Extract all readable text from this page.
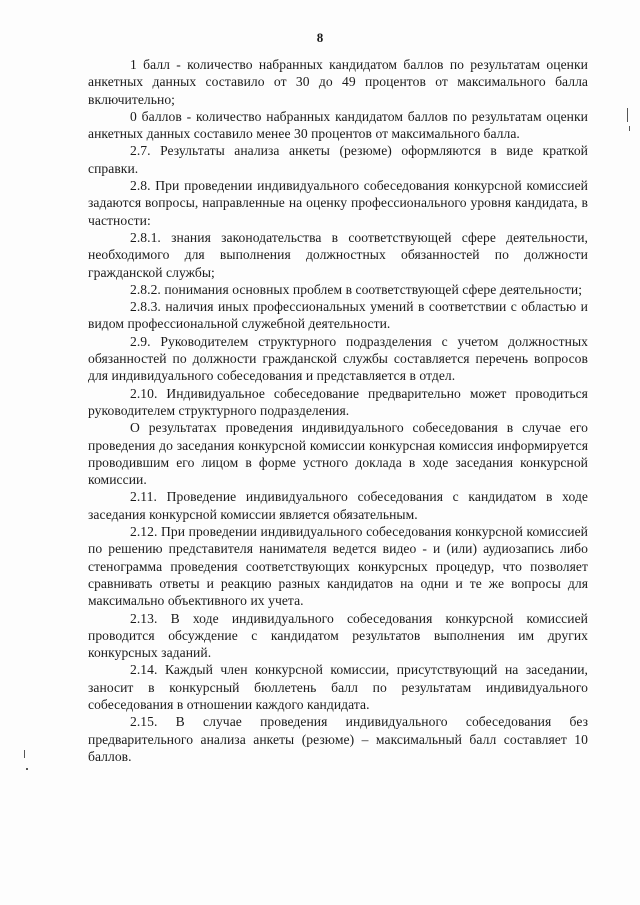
8

1 балл - количество набранных кандидатом баллов по результатам оценки анкетных данных составило от 30 до 49 процентов от максимального балла включительно;

0 баллов - количество набранных кандидатом баллов по результатам оценки анкетных данных составило менее 30 процентов от максимального балла.

2.7. Результаты анализа анкеты (резюме) оформляются в виде краткой справки.

2.8. При проведении индивидуального собеседования конкурсной комиссией задаются вопросы, направленные на оценку профессионального уровня кандидата, в частности:

2.8.1. знания законодательства в соответствующей сфере деятельности, необходимого для выполнения должностных обязанностей по должности гражданской службы;

2.8.2. понимания основных проблем в соответствующей сфере деятельности;

2.8.3. наличия иных профессиональных умений в соответствии с областью и видом профессиональной служебной деятельности.

2.9. Руководителем структурного подразделения с учетом должностных обязанностей по должности гражданской службы составляется перечень вопросов для индивидуального собеседования и представляется в отдел.

2.10. Индивидуальное собеседование предварительно может проводиться руководителем структурного подразделения.

О результатах проведения индивидуального собеседования в случае его проведения до заседания конкурсной комиссии конкурсная комиссия информируется проводившим его лицом в форме устного доклада в ходе заседания конкурсной комиссии.

2.11. Проведение индивидуального собеседования с кандидатом в ходе заседания конкурсной комиссии является обязательным.

2.12. При проведении индивидуального собеседования конкурсной комиссией по решению представителя нанимателя ведется видео - и (или) аудиозапись либо стенограмма проведения соответствующих конкурсных процедур, что позволяет сравнивать ответы и реакцию разных кандидатов на одни и те же вопросы для максимально объективного их учета.

2.13. В ходе индивидуального собеседования конкурсной комиссией проводится обсуждение с кандидатом результатов выполнения им других конкурсных заданий.

2.14. Каждый член конкурсной комиссии, присутствующий на заседании, заносит в конкурсный бюллетень балл по результатам индивидуального собеседования в отношении каждого кандидата.

2.15. В случае проведения индивидуального собеседования без предварительного анализа анкеты (резюме) – максимальный балл составляет 10 баллов.
